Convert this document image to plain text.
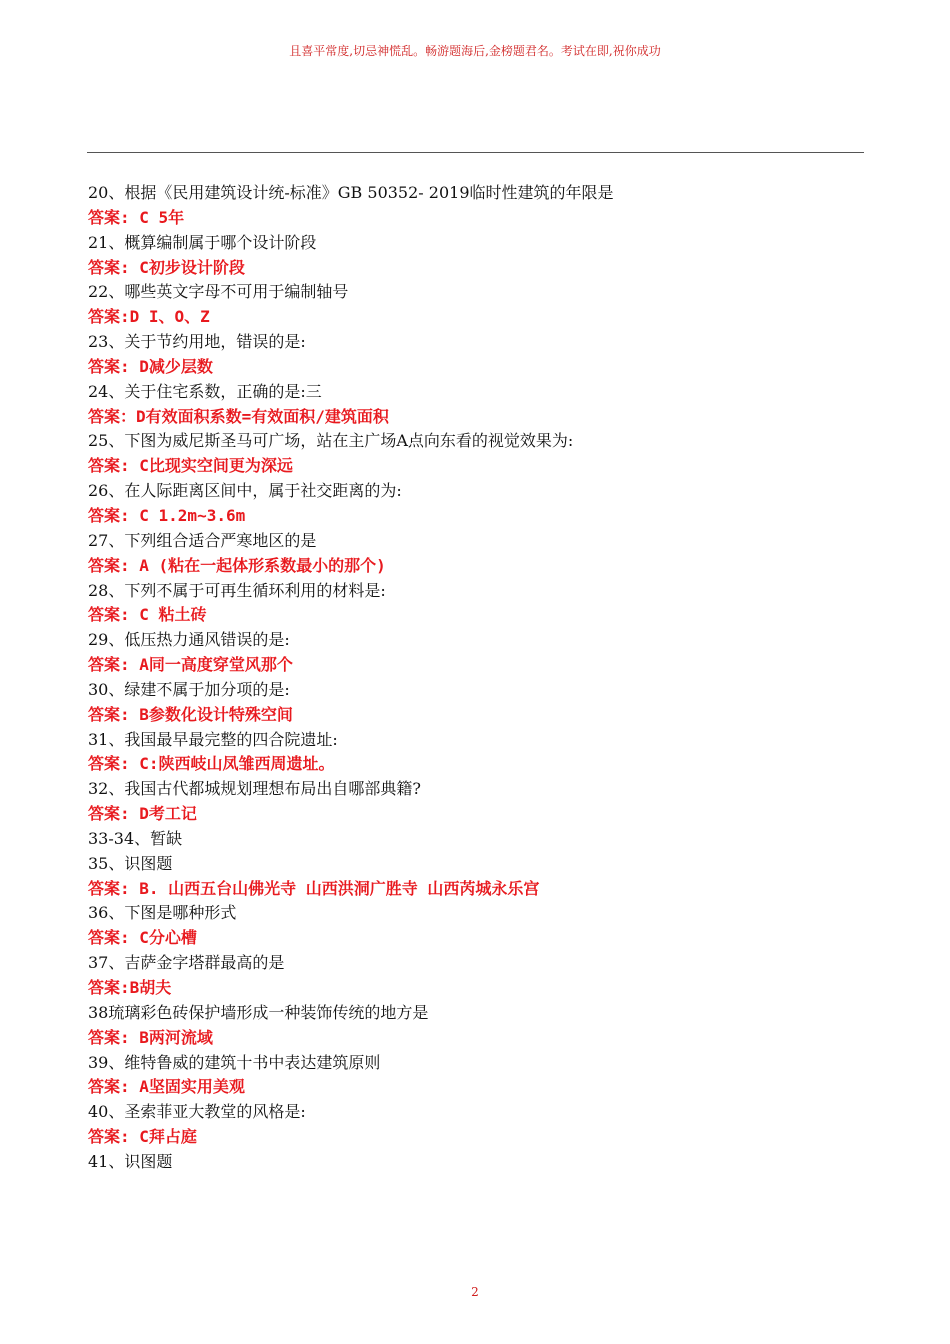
且喜平常度,切忌神慌乱。畅游题海后,金榜题君名。考试在即,祝你成功
20、根据《民用建筑设计统-标准》GB 50352- 2019临时性建筑的年限是
答案: C 5年
21、概算编制属于哪个设计阶段
答案: C初步设计阶段
22、哪些英文字母不可用于编制轴号
答案:D I、O、Z
23、关于节约用地，错误的是:
答案: D减少层数
24、关于住宅系数，正确的是:三
答案：D有效面积系数=有效面积/建筑面积
25、下图为威尼斯圣马可广场，站在主广场A点向东看的视觉效果为:
答案: C比现实空间更为深远
26、在人际距离区间中，属于社交距离的为:
答案: C 1.2m~3.6m
27、下列组合适合严寒地区的是
答案: A (粘在一起体形系数最小的那个)
28、下列不属于可再生循环利用的材料是:
答案: C 粘土砖
29、低压热力通风错误的是:
答案: A同一高度穿堂风那个
30、绿建不属于加分项的是:
答案: B参数化设计特殊空间
31、我国最早最完整的四合院遗址:
答案: C:陕西岐山凤雏西周遗址。
32、我国古代都城规划理想布局出自哪部典籍?
答案: D考工记
33-34、暂缺
35、识图题
答案: B. 山西五台山佛光寺 山西洪洞广胜寺 山西芮城永乐宫
36、下图是哪种形式
答案: C分心槽
37、吉萨金字塔群最高的是
答案:B胡夫
38琉璃彩色砖保护墙形成一种装饰传统的地方是
答案: B两河流域
39、维特鲁威的建筑十书中表达建筑原则
答案: A坚固实用美观
40、圣索菲亚大教堂的风格是:
答案: C拜占庭
41、识图题
2
